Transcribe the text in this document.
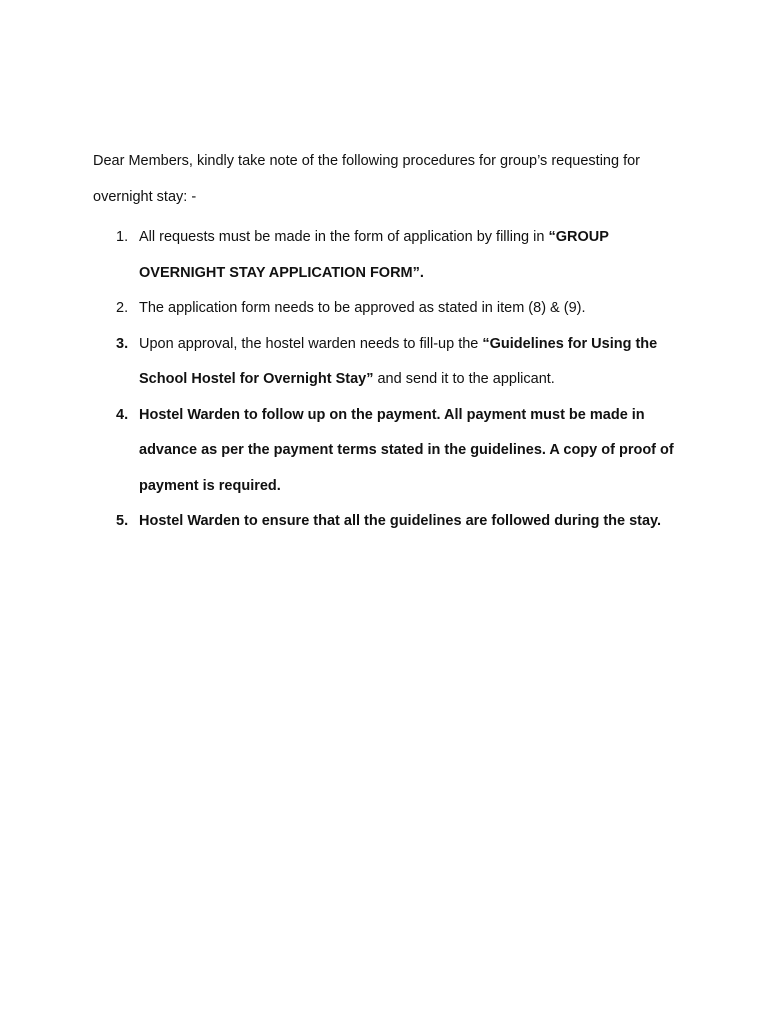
Dear Members, kindly take note of the following procedures for group’s requesting for overnight stay: -

1. All requests must be made in the form of application by filling in “GROUP OVERNIGHT STAY APPLICATION FORM”.
2. The application form needs to be approved as stated in item (8) & (9).
3. Upon approval, the hostel warden needs to fill-up the “Guidelines for Using the School Hostel for Overnight Stay” and send it to the applicant.
4. Hostel Warden to follow up on the payment. All payment must be made in advance as per the payment terms stated in the guidelines. A copy of proof of payment is required.
5. Hostel Warden to ensure that all the guidelines are followed during the stay.
